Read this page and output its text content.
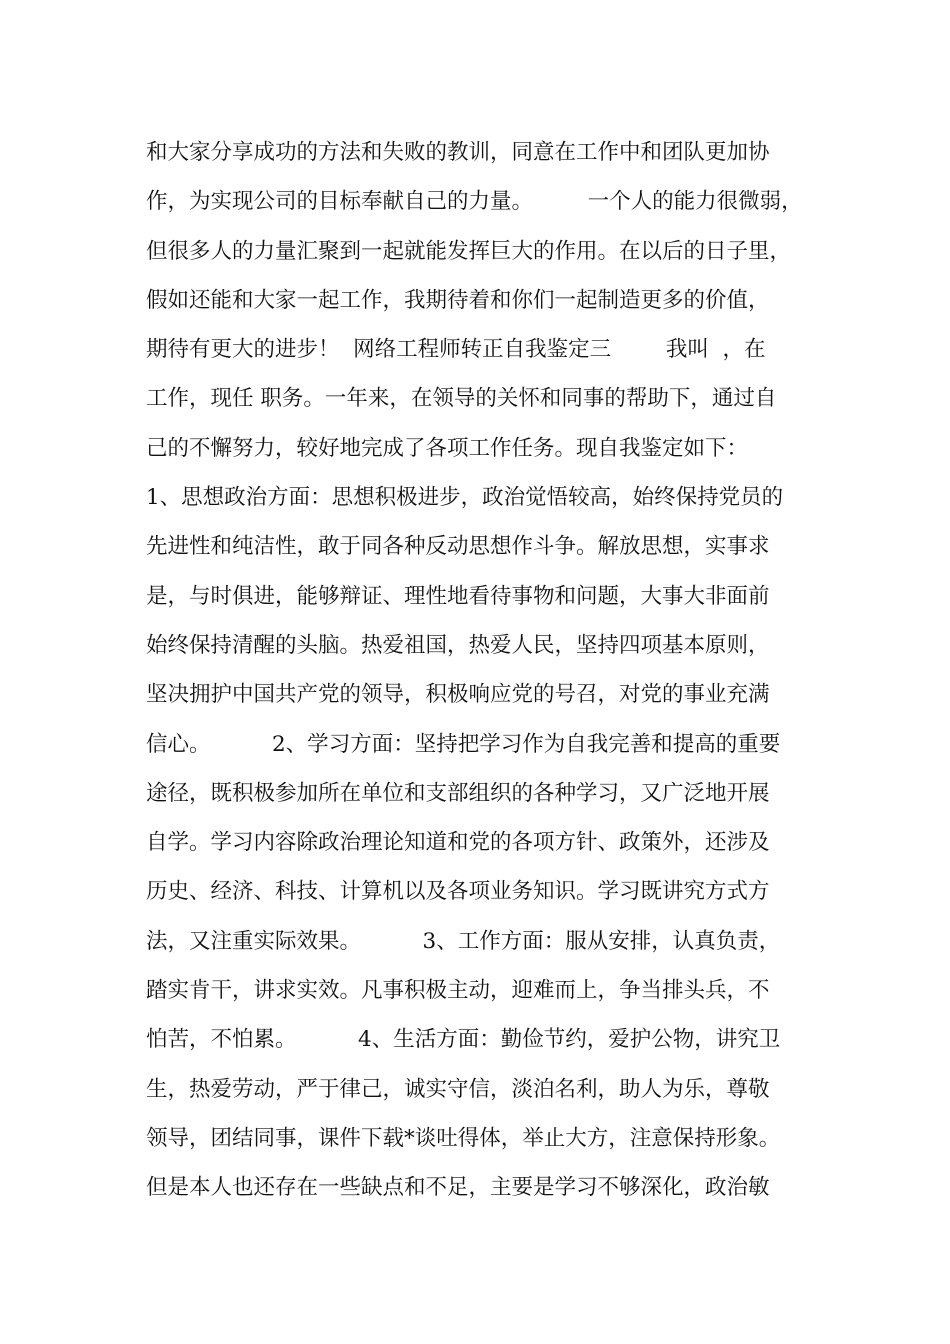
和大家分享成功的方法和失败的教训，同意在工作中和团队更加协
作，为实现公司的目标奉献自己的力量。        一个人的能力很微弱，
但很多人的力量汇聚到一起就能发挥巨大的作用。在以后的日子里，
假如还能和大家一起工作，我期待着和你们一起制造更多的价值，
期待有更大的进步！  网络工程师转正自我鉴定三        我叫  ，在
工作，现任 职务。一年来，在领导的关怀和同事的帮助下，通过自
己的不懈努力，较好地完成了各项工作任务。现自我鉴定如下：
1、思想政治方面：思想积极进步，政治觉悟较高，始终保持党员的
先进性和纯洁性，敢于同各种反动思想作斗争。解放思想，实事求
是，与时俱进，能够辩证、理性地看待事物和问题，大事大非面前
始终保持清醒的头脑。热爱祖国，热爱人民，坚持四项基本原则，
坚决拥护中国共产党的领导，积极响应党的号召，对党的事业充满
信心。         2、学习方面：坚持把学习作为自我完善和提高的重要
途径，既积极参加所在单位和支部组织的各种学习，又广泛地开展
自学。学习内容除政治理论知道和党的各项方针、政策外，还涉及
历史、经济、科技、计算机以及各项业务知识。学习既讲究方式方
法，又注重实际效果。         3、工作方面：服从安排，认真负责，
踏实肯干，讲求实效。凡事积极主动，迎难而上，争当排头兵，不
怕苦，不怕累。         4、生活方面：勤俭节约，爱护公物，讲究卫
生，热爱劳动，严于律己，诚实守信，淡泊名利，助人为乐，尊敬
领导，团结同事，课件下载*谈吐得体，举止大方，注意保持形象。
但是本人也还存在一些缺点和不足，主要是学习不够深化，政治敏
